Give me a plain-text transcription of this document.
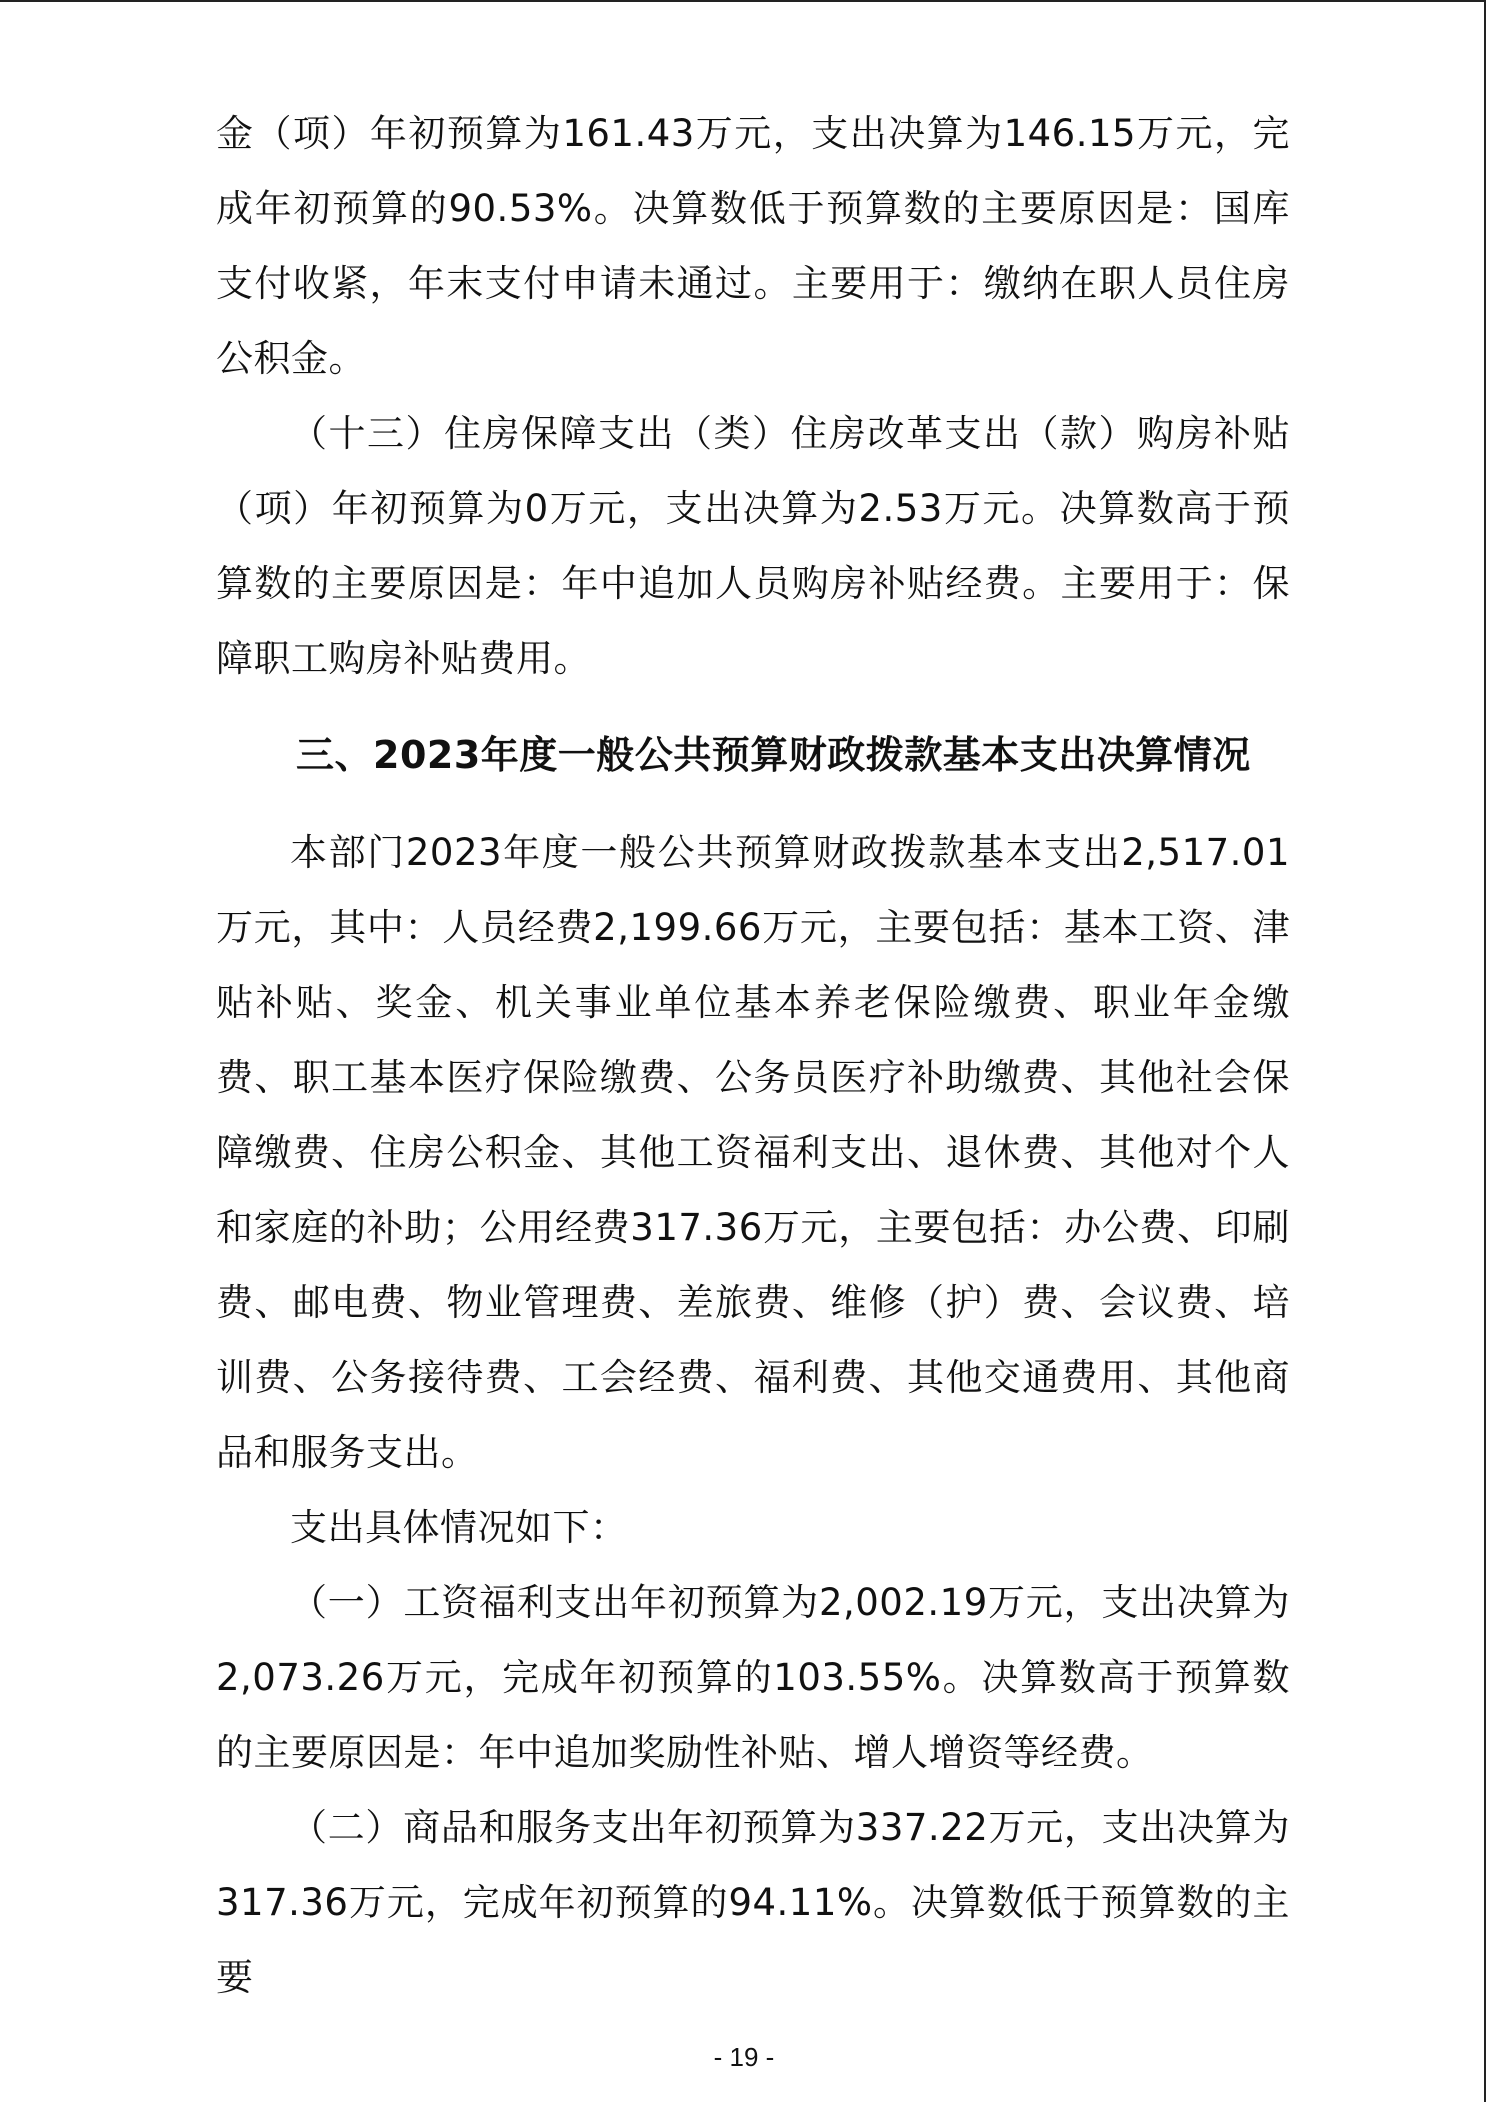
金（项）年初预算为161.43万元，支出决算为146.15万元，完成年初预算的90.53%。决算数低于预算数的主要原因是：国库支付收紧，年末支付申请未通过。主要用于：缴纳在职人员住房公积金。

（十三）住房保障支出（类）住房改革支出（款）购房补贴（项）年初预算为0万元，支出决算为2.53万元。决算数高于预算数的主要原因是：年中追加人员购房补贴经费。主要用于：保障职工购房补贴费用。

三、2023年度一般公共预算财政拨款基本支出决算情况

本部门2023年度一般公共预算财政拨款基本支出2,517.01万元，其中：人员经费2,199.66万元，主要包括：基本工资、津贴补贴、奖金、机关事业单位基本养老保险缴费、职业年金缴费、职工基本医疗保险缴费、公务员医疗补助缴费、其他社会保障缴费、住房公积金、其他工资福利支出、退休费、其他对个人和家庭的补助；公用经费317.36万元，主要包括：办公费、印刷费、邮电费、物业管理费、差旅费、维修（护）费、会议费、培训费、公务接待费、工会经费、福利费、其他交通费用、其他商品和服务支出。

支出具体情况如下：

（一）工资福利支出年初预算为2,002.19万元，支出决算为2,073.26万元，完成年初预算的103.55%。决算数高于预算数的主要原因是：年中追加奖励性补贴、增人增资等经费。

（二）商品和服务支出年初预算为337.22万元，支出决算为317.36万元，完成年初预算的94.11%。决算数低于预算数的主要

- 19 -
